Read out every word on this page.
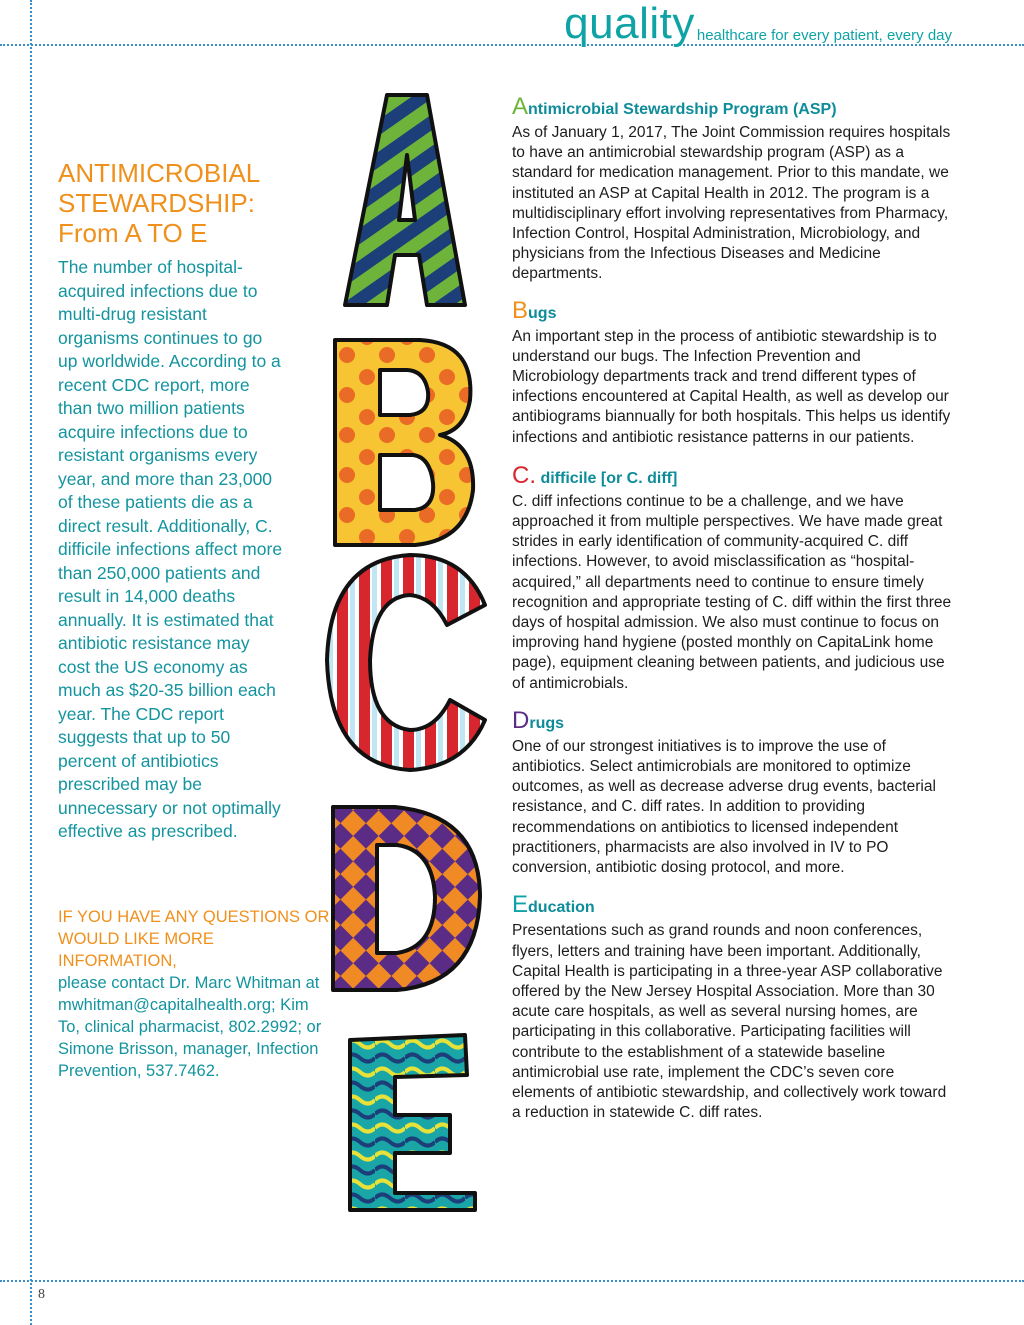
quality healthcare for every patient, every day
ANTIMICROBIAL
STEWARDSHIP:
From A TO E

The number of hospital-acquired infections due to multi-drug resistant organisms continues to go up worldwide. According to a recent CDC report, more than two million patients acquire infections due to resistant organisms every year, and more than 23,000 of these patients die as a direct result. Additionally, C. difficile infections affect more than 250,000 patients and result in 14,000 deaths annually. It is estimated that antibiotic resistance may cost the US economy as much as $20-35 billion each year. The CDC report suggests that up to 50 percent of antibiotics prescribed may be unnecessary or not optimally effective as prescribed.

IF YOU HAVE ANY QUESTIONS OR WOULD LIKE MORE INFORMATION,
please contact Dr. Marc Whitman at mwhitman@capitalhealth.org; Kim To, clinical pharmacist, 802.2992; or Simone Brisson, manager, Infection Prevention, 537.7462.
Antimicrobial Stewardship Program (ASP)

As of January 1, 2017, The Joint Commission requires hospitals to have an antimicrobial stewardship program (ASP) as a standard for medication management. Prior to this mandate, we instituted an ASP at Capital Health in 2012. The program is a multidisciplinary effort involving representatives from Pharmacy, Infection Control, Hospital Administration, Microbiology, and physicians from the Infectious Diseases and Medicine departments.

Bugs

An important step in the process of antibiotic stewardship is to understand our bugs. The Infection Prevention and Microbiology departments track and trend different types of infections encountered at Capital Health, as well as develop our antibiograms biannually for both hospitals. This helps us identify infections and antibiotic resistance patterns in our patients.

C. difficile [or C. diff]

C. diff infections continue to be a challenge, and we have approached it from multiple perspectives. We have made great strides in early identification of community-acquired C. diff infections. However, to avoid misclassification as “hospital-acquired,” all departments need to continue to ensure timely recognition and appropriate testing of C. diff within the first three days of hospital admission. We also must continue to focus on improving hand hygiene (posted monthly on CapitaLink home page), equipment cleaning between patients, and judicious use of antimicrobials.

Drugs

One of our strongest initiatives is to improve the use of antibiotics. Select antimicrobials are monitored to optimize outcomes, as well as decrease adverse drug events, bacterial resistance, and C. diff rates. In addition to providing recommendations on antibiotics to licensed independent practitioners, pharmacists are also involved in IV to PO conversion, antibiotic dosing protocol, and more.

Education

Presentations such as grand rounds and noon conferences, flyers, letters and training have been important. Additionally, Capital Health is participating in a three-year ASP collaborative offered by the New Jersey Hospital Association. More than 30 acute care hospitals, as well as several nursing homes, are participating in this collaborative. Participating facilities will contribute to the establishment of a statewide baseline antimicrobial use rate, implement the CDC’s seven core elements of antibiotic stewardship, and collectively work toward a reduction in statewide C. diff rates.

8
